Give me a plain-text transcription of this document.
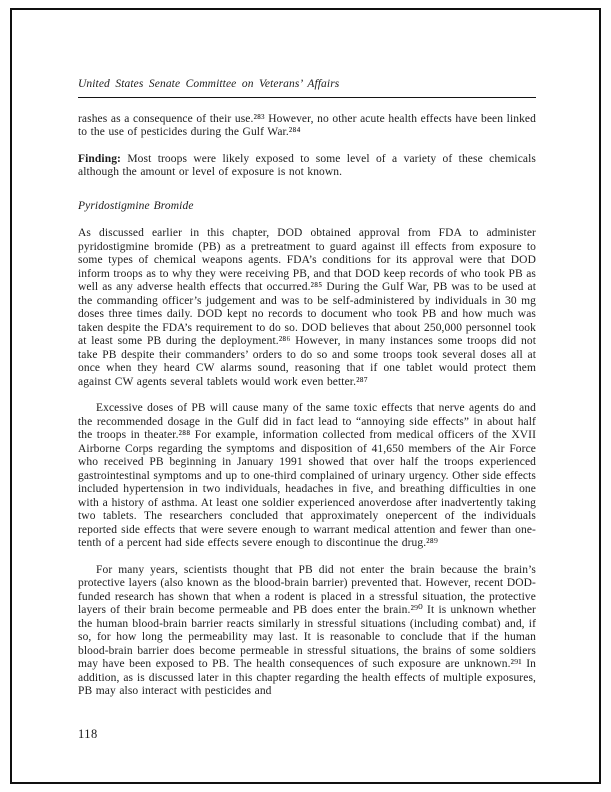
United States Senate Committee on Veterans’ Affairs

rashes as a consequence of their use.²⁸³ However, no other acute health effects have been linked to the use of pesticides during the Gulf War.²⁸⁴

Finding: Most troops were likely exposed to some level of a variety of these chemicals although the amount or level of exposure is not known.

Pyridostigmine Bromide

As discussed earlier in this chapter, DOD obtained approval from FDA to administer pyridostigmine bromide (PB) as a pretreatment to guard against ill effects from exposure to some types of chemical weapons agents. FDA’s conditions for its approval were that DOD inform troops as to why they were receiving PB, and that DOD keep records of who took PB as well as any adverse health effects that occurred.²⁸⁵ During the Gulf War, PB was to be used at the commanding officer’s judgement and was to be self-administered by individuals in 30 mg doses three times daily. DOD kept no records to document who took PB and how much was taken despite the FDA’s requirement to do so. DOD believes that about 250,000 personnel took at least some PB during the deployment.²⁸⁶ However, in many instances some troops did not take PB despite their commanders’ orders to do so and some troops took several doses all at once when they heard CW alarms sound, reasoning that if one tablet would protect them against CW agents several tablets would work even better.²⁸⁷

Excessive doses of PB will cause many of the same toxic effects that nerve agents do and the recommended dosage in the Gulf did in fact lead to “annoying side effects” in about half the troops in theater.²⁸⁸ For example, information collected from medical officers of the XVII Airborne Corps regarding the symptoms and disposition of 41,650 members of the Air Force who received PB beginning in January 1991 showed that over half the troops experienced gastrointestinal symptoms and up to one-third complained of urinary urgency. Other side effects included hypertension in two individuals, headaches in five, and breathing difficulties in one with a history of asthma. At least one soldier experienced anoverdose after inadvertently taking two tablets. The researchers concluded that approximately onepercent of the individuals reported side effects that were severe enough to warrant medical attention and fewer than one-tenth of a percent had side effects severe enough to discontinue the drug.²⁸⁹

For many years, scientists thought that PB did not enter the brain because the brain’s protective layers (also known as the blood-brain barrier) prevented that. However, recent DOD-funded research has shown that when a rodent is placed in a stressful situation, the protective layers of their brain become permeable and PB does enter the brain.²⁹⁰ It is unknown whether the human blood-brain barrier reacts similarly in stressful situations (including combat) and, if so, for how long the permeability may last. It is reasonable to conclude that if the human blood-brain barrier does become permeable in stressful situations, the brains of some soldiers may have been exposed to PB. The health consequences of such exposure are unknown.²⁹¹ In addition, as is discussed later in this chapter regarding the health effects of multiple exposures, PB may also interact with pesticides and

118
